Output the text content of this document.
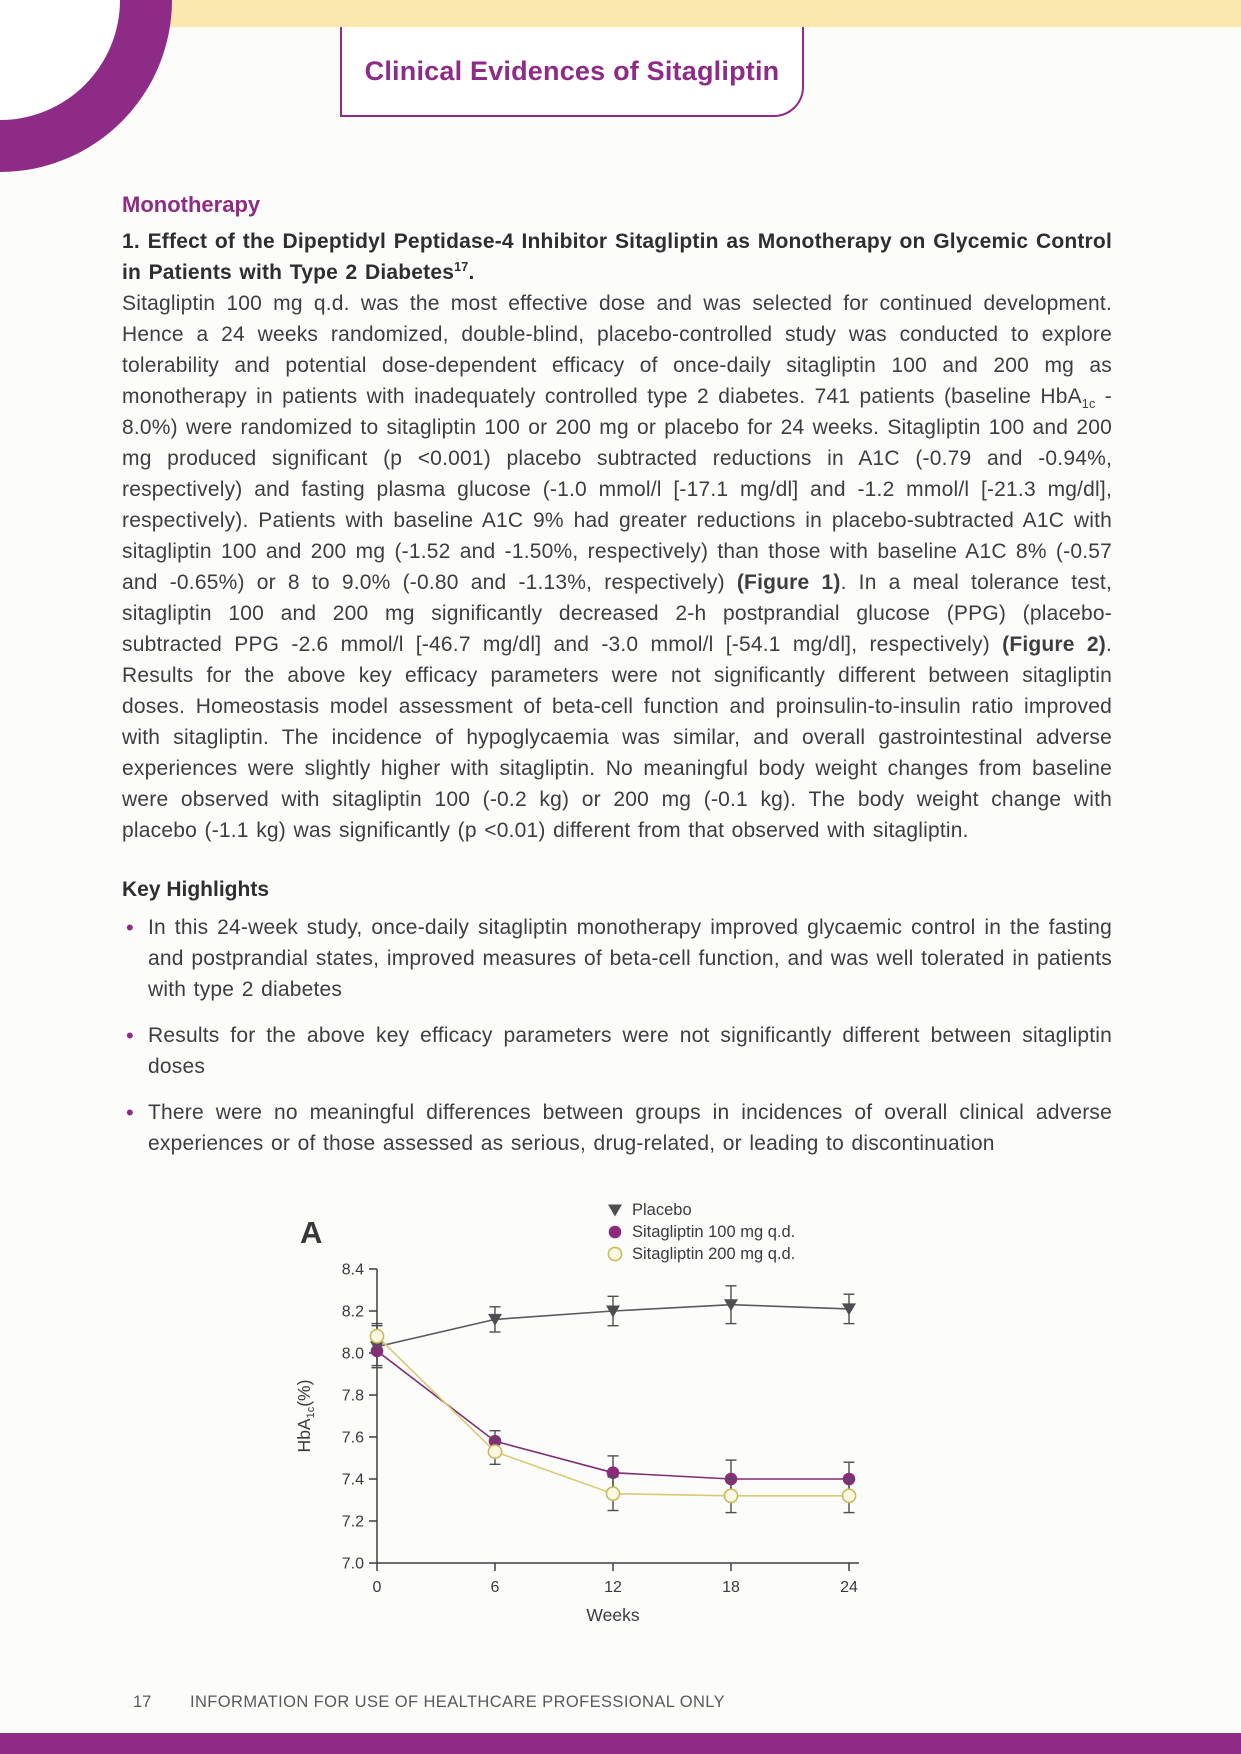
Clinical Evidences of Sitagliptin
Monotherapy
1. Effect of the Dipeptidyl Peptidase-4 Inhibitor Sitagliptin as Monotherapy on Glycemic Control in Patients with Type 2 Diabetes$^{17}$.
Sitagliptin 100 mg q.d. was the most effective dose and was selected for continued development. Hence a 24 weeks randomized, double-blind, placebo-controlled study was conducted to explore tolerability and potential dose-dependent efficacy of once-daily sitagliptin 100 and 200 mg as monotherapy in patients with inadequately controlled type 2 diabetes. 741 patients (baseline HbA$_{1c}$ - 8.0%) were randomized to sitagliptin 100 or 200 mg or placebo for 24 weeks. Sitagliptin 100 and 200 mg produced significant (p <0.001) placebo subtracted reductions in A1C (-0.79 and -0.94%, respectively) and fasting plasma glucose (-1.0 mmol/l [-17.1 mg/dl] and -1.2 mmol/l [-21.3 mg/dl], respectively). Patients with baseline A1C 9% had greater reductions in placebo-subtracted A1C with sitagliptin 100 and 200 mg (-1.52 and -1.50%, respectively) than those with baseline A1C 8% (-0.57 and -0.65%) or 8 to 9.0% (-0.80 and -1.13%, respectively) (Figure 1). In a meal tolerance test, sitagliptin 100 and 200 mg significantly decreased 2-h postprandial glucose (PPG) (placebo-subtracted PPG -2.6 mmol/l [-46.7 mg/dl] and -3.0 mmol/l [-54.1 mg/dl], respectively) (Figure 2). Results for the above key efficacy parameters were not significantly different between sitagliptin doses. Homeostasis model assessment of beta-cell function and proinsulin-to-insulin ratio improved with sitagliptin. The incidence of hypoglycaemia was similar, and overall gastrointestinal adverse experiences were slightly higher with sitagliptin. No meaningful body weight changes from baseline were observed with sitagliptin 100 (-0.2 kg) or 200 mg (-0.1 kg). The body weight change with placebo (-1.1 kg) was significantly (p <0.01) different from that observed with sitagliptin.
Key Highlights
• In this 24-week study, once-daily sitagliptin monotherapy improved glycaemic control in the fasting and postprandial states, improved measures of beta-cell function, and was well tolerated in patients with type 2 diabetes
• Results for the above key efficacy parameters were not significantly different between sitagliptin doses
• There were no meaningful differences between groups in incidences of overall clinical adverse experiences or of those assessed as serious, drug-related, or leading to discontinuation
A
7.0
7.2
7.4
7.6
7.8
8.0
8.2
8.4
0	6	12	18	24
Weeks
HbA$_{1c}$(%)
Placebo
Sitagliptin 100 mg q.d.
Sitagliptin 200 mg q.d.
17 INFORMATION FOR USE OF HEALTHCARE PROFESSIONAL ONLY
